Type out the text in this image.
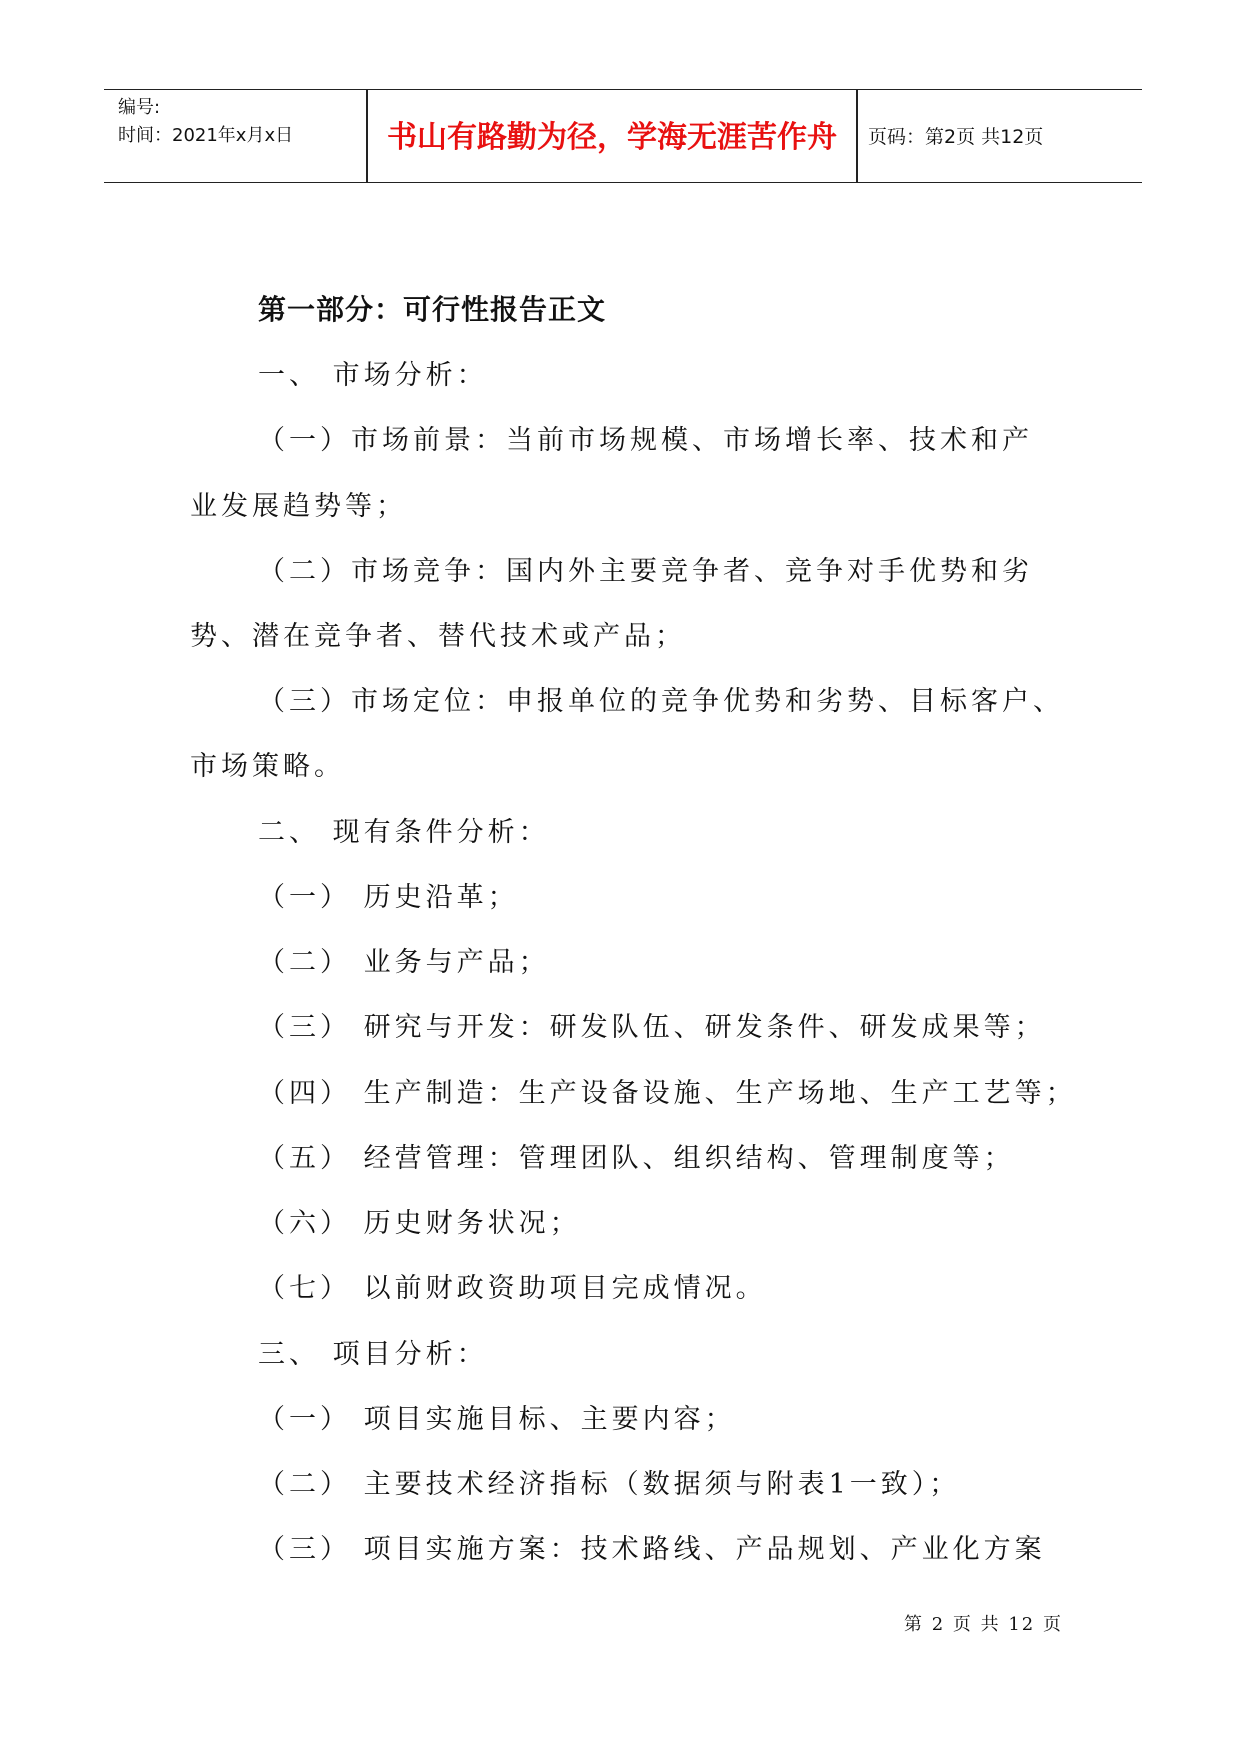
编号:
时间：2021年x月x日	书山有路勤为径，学海无涯苦作舟	页码：第2页 共12页
第一部分：可行性报告正文
一、 市场分析：
（一）市场前景：当前市场规模、市场增长率、技术和产
业发展趋势等；
（二）市场竞争：国内外主要竞争者、竞争对手优势和劣
势、潜在竞争者、替代技术或产品；
（三）市场定位：申报单位的竞争优势和劣势、目标客户、
市场策略。
二、 现有条件分析：
（一） 历史沿革；
（二） 业务与产品；
（三） 研究与开发：研发队伍、研发条件、研发成果等；
（四） 生产制造：生产设备设施、生产场地、生产工艺等；
（五） 经营管理：管理团队、组织结构、管理制度等；
（六） 历史财务状况；
（七） 以前财政资助项目完成情况。
三、 项目分析：
（一） 项目实施目标、主要内容；
（二） 主要技术经济指标（数据须与附表1一致）；
（三） 项目实施方案：技术路线、产品规划、产业化方案
第 2 页 共 12 页
